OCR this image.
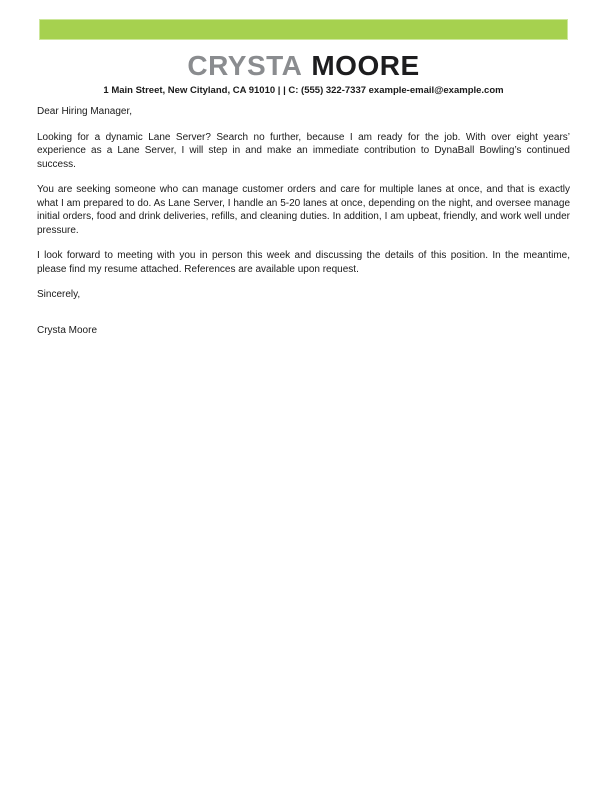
CRYSTA MOORE
1 Main Street, New Cityland, CA 91010 | | C: (555) 322-7337 example-email@example.com

Dear Hiring Manager,

Looking for a dynamic Lane Server? Search no further, because I am ready for the job. With over eight years’ experience as a Lane Server, I will step in and make an immediate contribution to DynaBall Bowling’s continued success.

You are seeking someone who can manage customer orders and care for multiple lanes at once, and that is exactly what I am prepared to do. As Lane Server, I handle an 5-20 lanes at once, depending on the night, and oversee manage initial orders, food and drink deliveries, refills, and cleaning duties. In addition, I am upbeat, friendly, and work well under pressure.

I look forward to meeting with you in person this week and discussing the details of this position. In the meantime, please find my resume attached. References are available upon request.

Sincerely,

Crysta Moore
